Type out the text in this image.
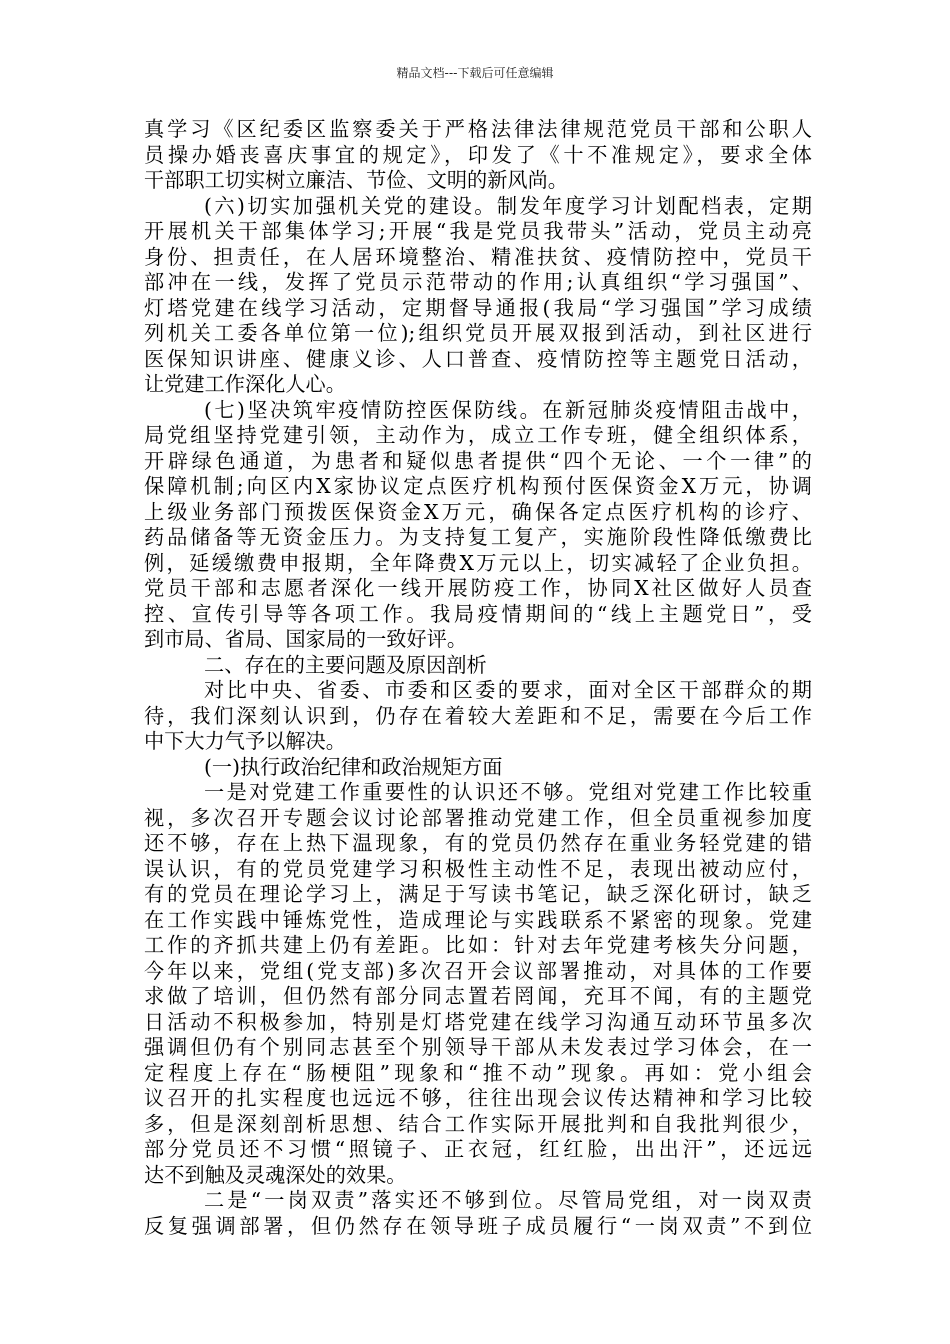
精品文档---下载后可任意编辑
真学习《区纪委区监察委关于严格法律法律规范党员干部和公职人
员操办婚丧喜庆事宜的规定》，印发了《十不准规定》，要求全体
干部职工切实树立廉洁、节俭、文明的新风尚。
(六)切实加强机关党的建设。制发年度学习计划配档表，定期
开展机关干部集体学习;开展“我是党员我带头”活动，党员主动亮
身份、担责任，在人居环境整治、精准扶贫、疫情防控中，党员干
部冲在一线，发挥了党员示范带动的作用;认真组织“学习强国”、
灯塔党建在线学习活动，定期督导通报(我局“学习强国”学习成绩
列机关工委各单位第一位);组织党员开展双报到活动，到社区进行
医保知识讲座、健康义诊、人口普查、疫情防控等主题党日活动，
让党建工作深化人心。
(七)坚决筑牢疫情防控医保防线。在新冠肺炎疫情阻击战中，
局党组坚持党建引领，主动作为，成立工作专班，健全组织体系，
开辟绿色通道，为患者和疑似患者提供“四个无论、一个一律”的
保障机制;向区内X家协议定点医疗机构预付医保资金X万元，协调
上级业务部门预拨医保资金X万元，确保各定点医疗机构的诊疗、
药品储备等无资金压力。为支持复工复产，实施阶段性降低缴费比
例，延缓缴费申报期，全年降费X万元以上，切实减轻了企业负担。
党员干部和志愿者深化一线开展防疫工作，协同X社区做好人员查
控、宣传引导等各项工作。我局疫情期间的“线上主题党日”，受
到市局、省局、国家局的一致好评。
二、存在的主要问题及原因剖析
对比中央、省委、市委和区委的要求，面对全区干部群众的期
待，我们深刻认识到，仍存在着较大差距和不足，需要在今后工作
中下大力气予以解决。
(一)执行政治纪律和政治规矩方面
一是对党建工作重要性的认识还不够。党组对党建工作比较重
视，多次召开专题会议讨论部署推动党建工作，但全员重视参加度
还不够，存在上热下温现象，有的党员仍然存在重业务轻党建的错
误认识，有的党员党建学习积极性主动性不足，表现出被动应付，
有的党员在理论学习上，满足于写读书笔记，缺乏深化研讨，缺乏
在工作实践中锤炼党性，造成理论与实践联系不紧密的现象。党建
工作的齐抓共建上仍有差距。比如：针对去年党建考核失分问题，
今年以来，党组(党支部)多次召开会议部署推动，对具体的工作要
求做了培训，但仍然有部分同志置若罔闻，充耳不闻，有的主题党
日活动不积极参加，特别是灯塔党建在线学习沟通互动环节虽多次
强调但仍有个别同志甚至个别领导干部从未发表过学习体会，在一
定程度上存在“肠梗阻”现象和“推不动”现象。再如：党小组会
议召开的扎实程度也远远不够，往往出现会议传达精神和学习比较
多，但是深刻剖析思想、结合工作实际开展批判和自我批判很少，
部分党员还不习惯“照镜子、正衣冠，红红脸，出出汗”，还远远
达不到触及灵魂深处的效果。
二是“一岗双责”落实还不够到位。尽管局党组，对一岗双责
反复强调部署，但仍然存在领导班子成员履行“一岗双责”不到位
